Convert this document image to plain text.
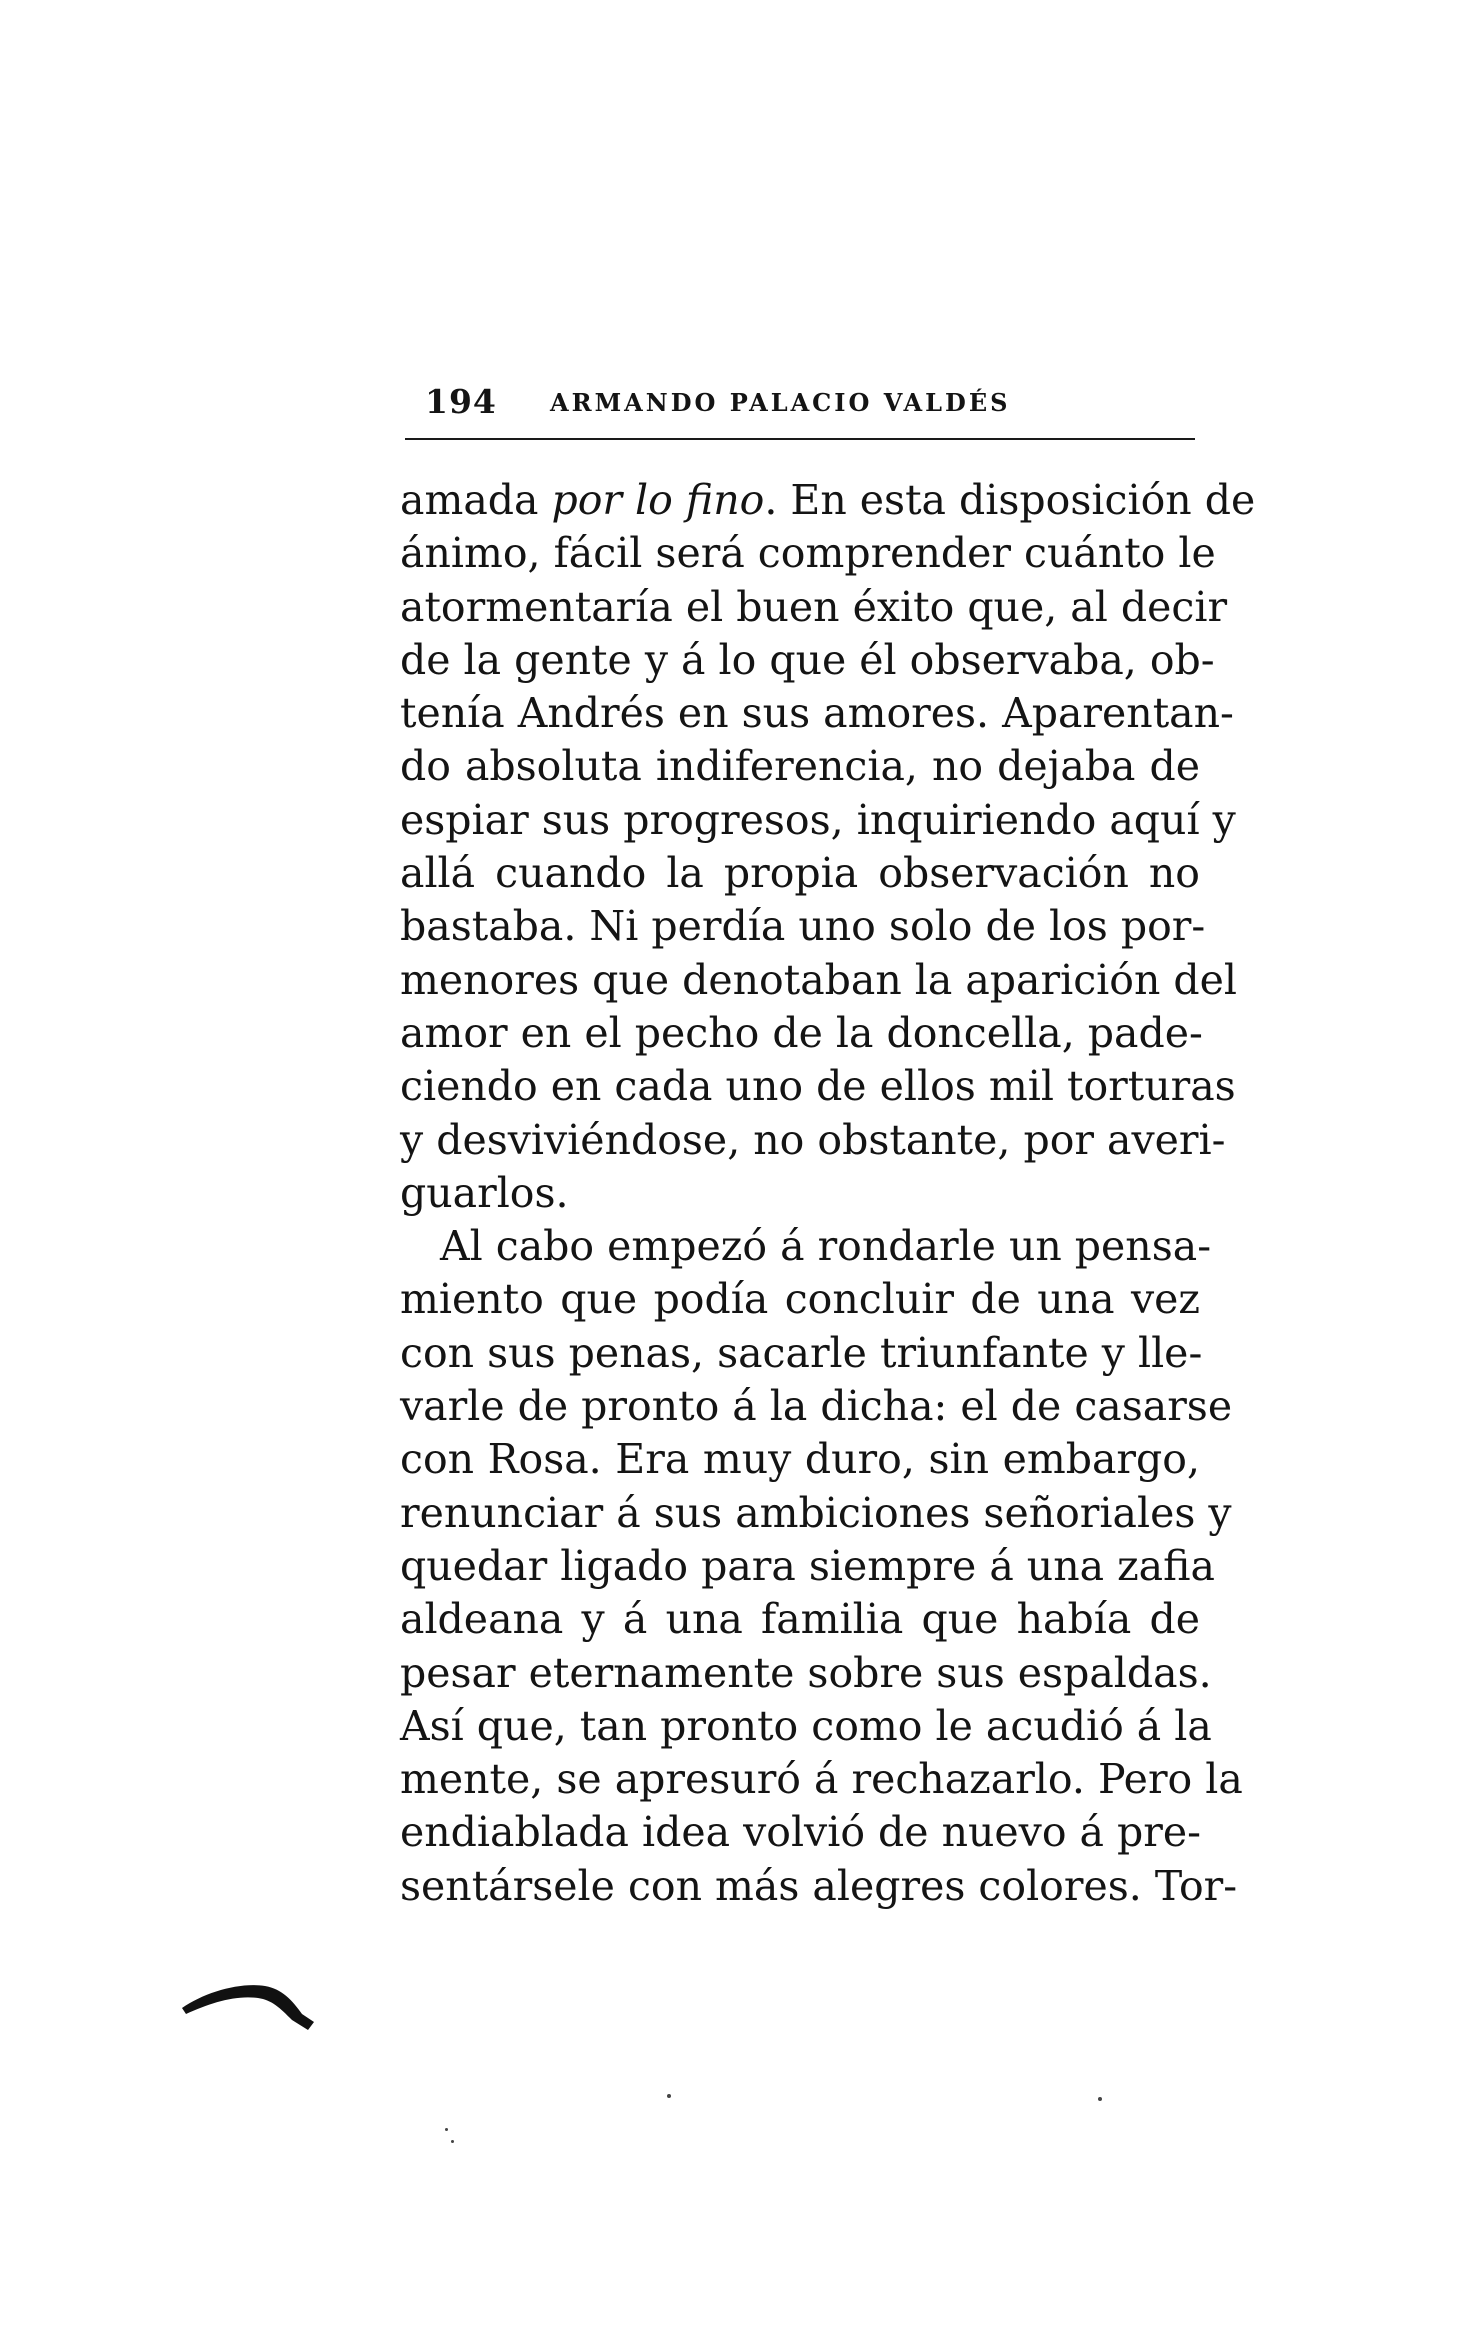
194 ARMANDO PALACIO VALDÉS
amada por lo fino. En esta disposición de
ánimo, fácil será comprender cuánto le
atormentaría el buen éxito que, al decir
de la gente y á lo que él observaba, ob-
tenía Andrés en sus amores. Aparentan-
do absoluta indiferencia, no dejaba de
espiar sus progresos, inquiriendo aquí y
allá cuando la propia observación no
bastaba. Ni perdía uno solo de los por-
menores que denotaban la aparición del
amor en el pecho de la doncella, pade-
ciendo en cada uno de ellos mil torturas
y desviviéndose, no obstante, por averi-
guarlos.
Al cabo empezó á rondarle un pensa-
miento que podía concluir de una vez
con sus penas, sacarle triunfante y lle-
varle de pronto á la dicha: el de casarse
con Rosa. Era muy duro, sin embargo,
renunciar á sus ambiciones señoriales y
quedar ligado para siempre á una zafia
aldeana y á una familia que había de
pesar eternamente sobre sus espaldas.
Así que, tan pronto como le acudió á la
mente, se apresuró á rechazarlo. Pero la
endiablada idea volvió de nuevo á pre-
sentársele con más alegres colores. Tor-
